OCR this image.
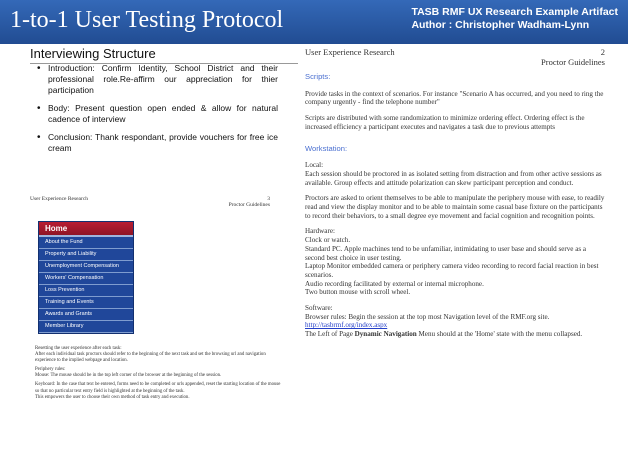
1-to-1 User Testing Protocol	TASB RMF UX Research Example Artifact
Author : Christopher Wadham-Lynn
Interviewing Structure
• Introduction: Confirm Identity, School District and their professional role.Re-affirm our appreciation for thier participation
• Body: Present question open ended & allow for natural cadence of interview
• Conclusion: Thank respondant, provide vouchers for free ice cream
User Experience Research	3
Proctor Guidelines
Home
About the Fund
Property and Liability
Unemployment Compensation
Workers' Compensation
Loss Prevention
Training and Events
Awards and Grants
Member Library

Resetting the user experience after each task:
After each individual task proctors should refer to the beginning of the next task and set the browsing url and navigation experience to the implied webpage and location.

Periphery rules:
Mouse: The mouse should be in the top left corner of the browser at the beginning of the session.

Keyboard: In the case that text be entered, forms need to be completed or urls appended, reset the starting location of the mouse so that no particular text entry field is highlighted at the beginning of the task.
This empowers the user to choose their own method of task entry and execution.

User Experience Research	2
Proctor Guidelines
Scripts:

Provide tasks in the context of scenarios. For instance "Scenario A has occurred, and you need to ring the company urgently - find the telephone number"

Scripts are distributed with some randomization to minimize ordering effect. Ordering effect is the increased efficiency a participant executes and navigates a task due to previous attempts

Workstation:

Local:
Each session should be proctored in as isolated setting from distraction and from other active sessions as available. Group effects and attitude polarization can skew participant perception and conduct.

Proctors are asked to orient themselves to be able to manipulate the periphery mouse with ease, to readily read and view the display monitor and to be able to maintain some casual base fixture on the participants to record their behaviors, to a small degree eye movement and facial cognition and recognition points.

Hardware:
Clock or watch.
Standard PC. Apple machines tend to be unfamiliar, intimidating to user base and should serve as a second best choice in user testing.
Laptop Monitor embedded camera or periphery camera video recording to record facial reaction in best scenarios.
Audio recording facilitated by external or internal microphone.
Two button mouse with scroll wheel.

Software:
Browser rules: Begin the session at the top most Navigation level of the RMF.org site.
http://tasbrmf.org/index.aspx
The Left of Page Dynamic Navigation Menu should at the 'Home' state with the menu collapsed.
